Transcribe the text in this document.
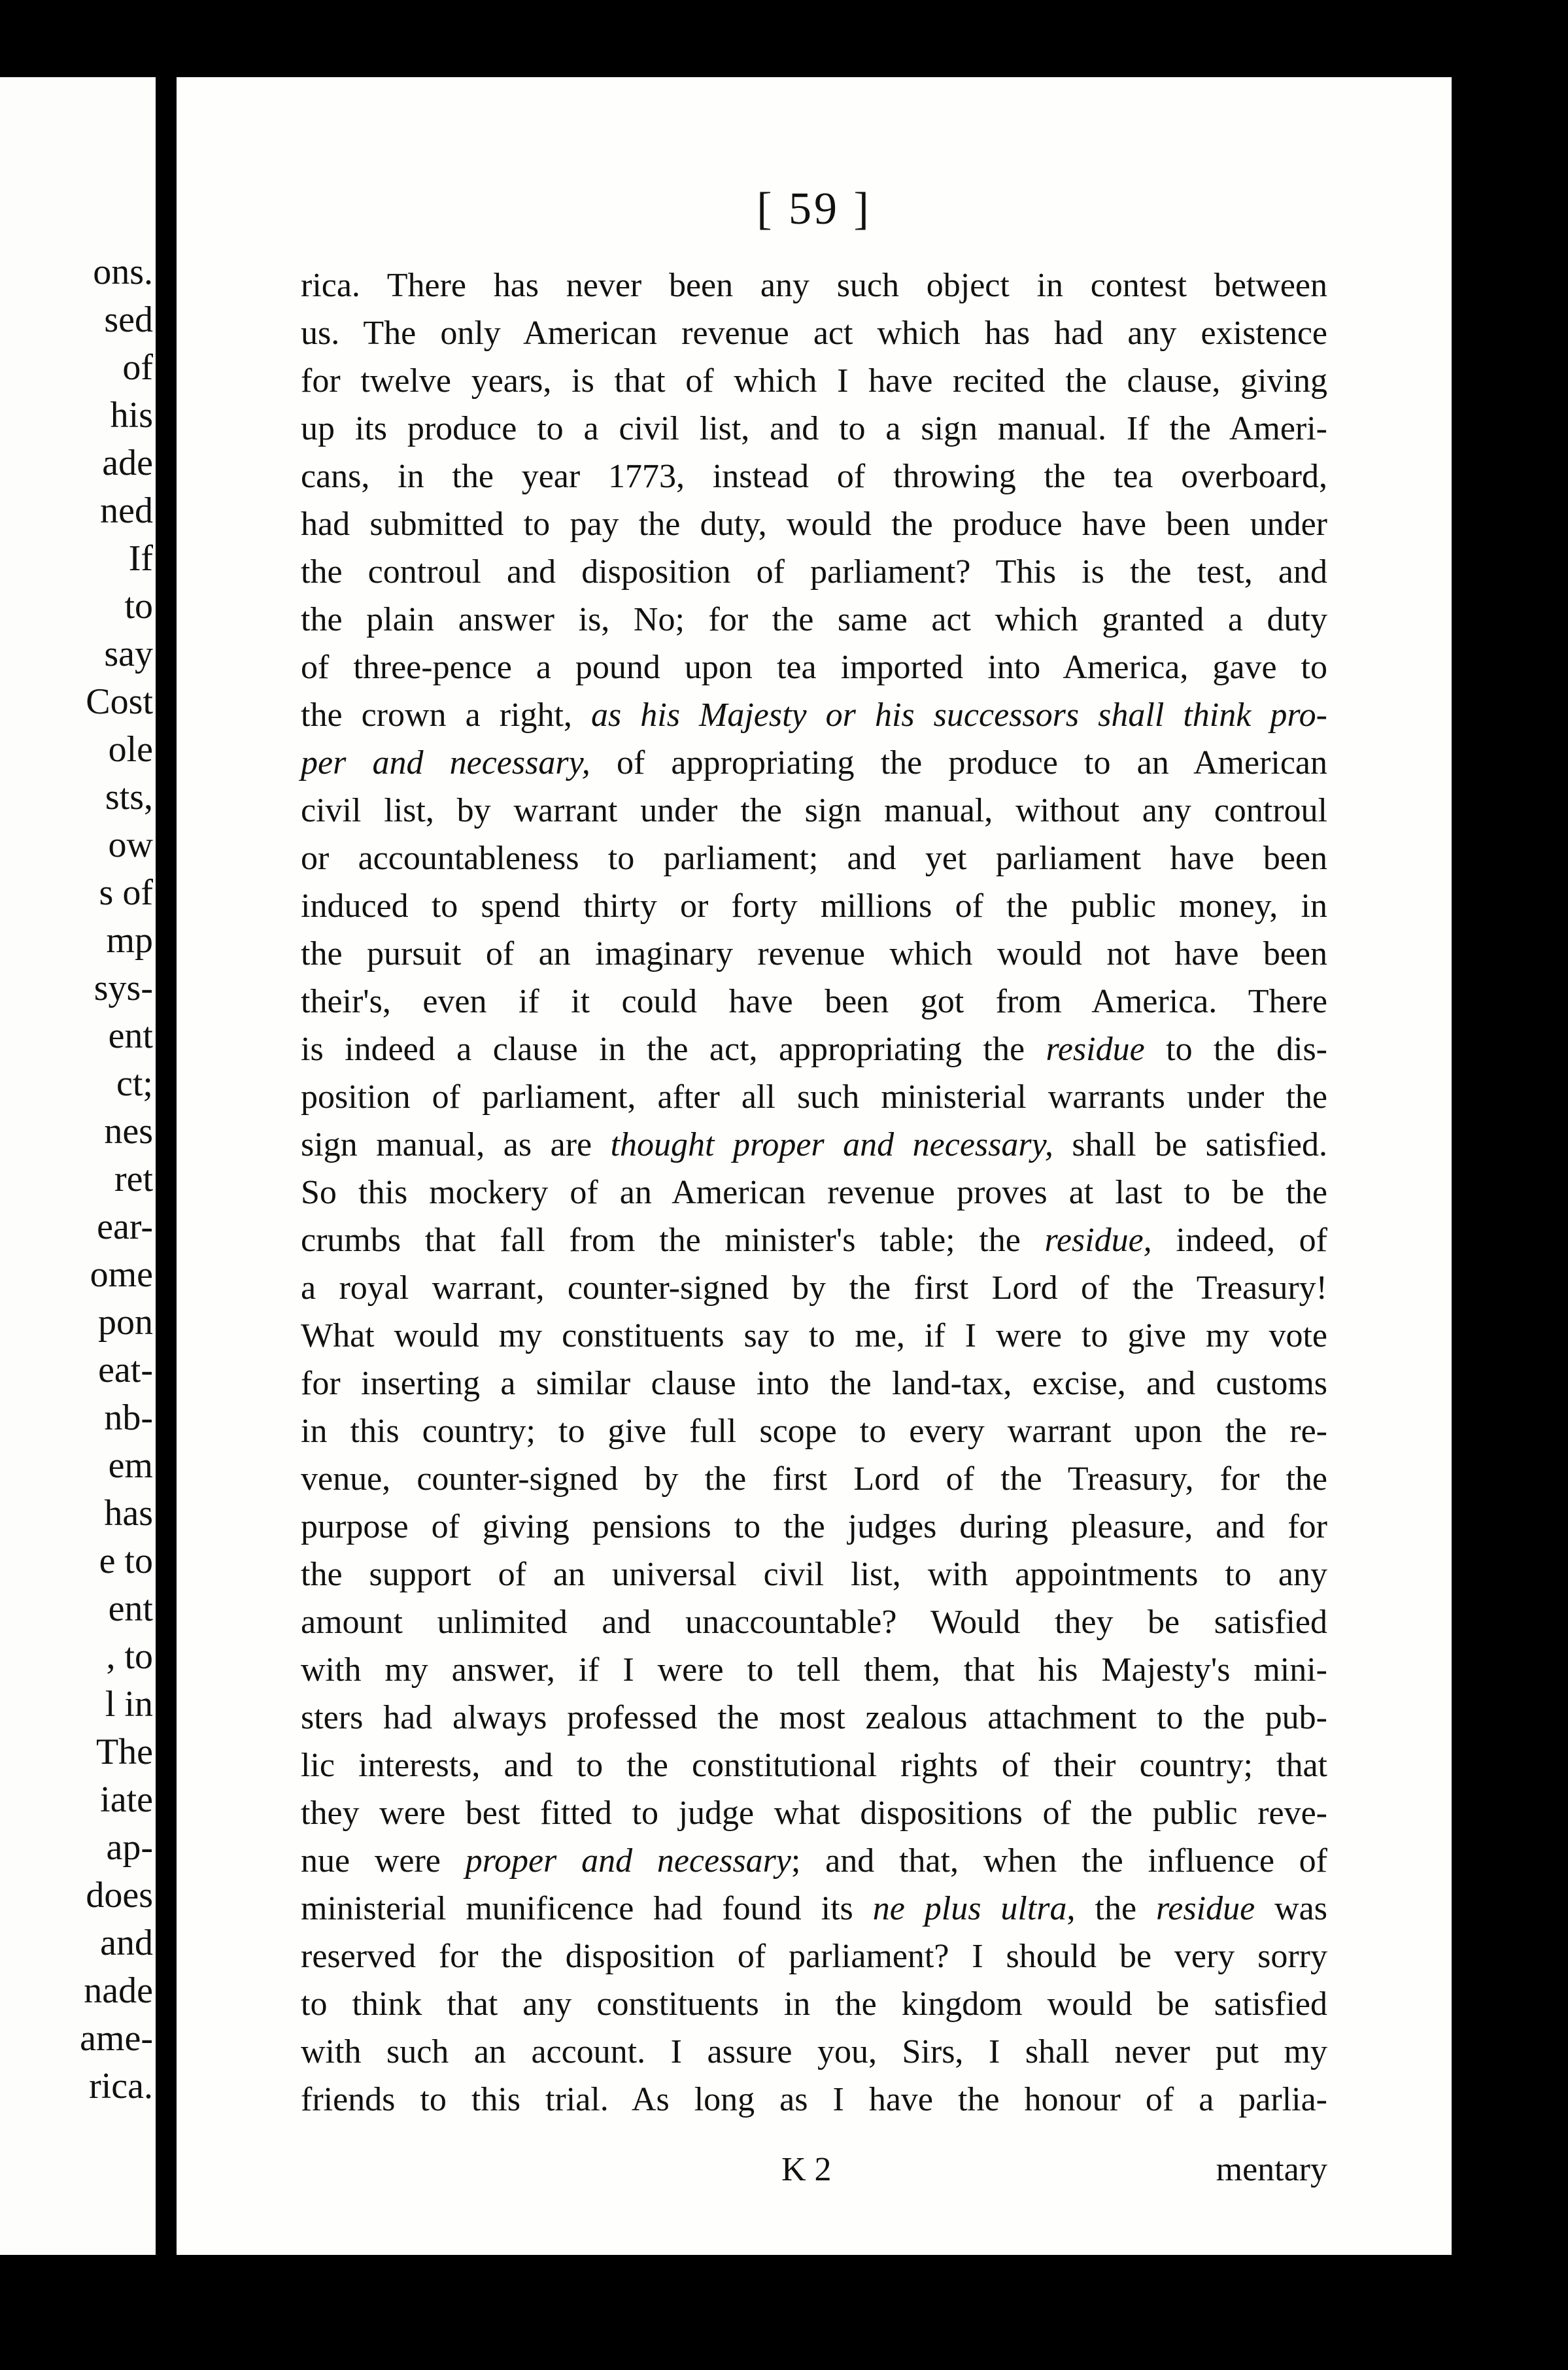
ons.
sed
of
his
ade
ned
If
to
say
Cost
ole
sts,
ow
s of
mp
sys-
ent
ct;
nes
ret
ear-
ome
pon
eat-
nb-
em
has
e to
ent
, to
l in
The
iate
ap-
does
and
nade
ame-
rica.
[ 59 ]
rica. There has never been any such object in contest between
us. The only American revenue act which has had any existence
for twelve years, is that of which I have recited the clause, giving
up its produce to a civil list, and to a sign manual. If the Ameri-
cans, in the year 1773, instead of throwing the tea overboard,
had submitted to pay the duty, would the produce have been under
the controul and disposition of parliament? This is the test, and
the plain answer is, No; for the same act which granted a duty
of three-pence a pound upon tea imported into America, gave to
the crown a right, as his Majesty or his successors shall think pro-
per and necessary, of appropriating the produce to an American
civil list, by warrant under the sign manual, without any controul
or accountableness to parliament; and yet parliament have been
induced to spend thirty or forty millions of the public money, in
the pursuit of an imaginary revenue which would not have been
their's, even if it could have been got from America. There
is indeed a clause in the act, appropriating the residue to the dis-
position of parliament, after all such ministerial warrants under the
sign manual, as are thought proper and necessary, shall be satisfied.
So this mockery of an American revenue proves at last to be the
crumbs that fall from the minister's table; the residue, indeed, of
a royal warrant, counter-signed by the first Lord of the Treasury!
What would my constituents say to me, if I were to give my vote
for inserting a similar clause into the land-tax, excise, and customs
in this country; to give full scope to every warrant upon the re-
venue, counter-signed by the first Lord of the Treasury, for the
purpose of giving pensions to the judges during pleasure, and for
the support of an universal civil list, with appointments to any
amount unlimited and unaccountable? Would they be satisfied
with my answer, if I were to tell them, that his Majesty's mini-
sters had always professed the most zealous attachment to the pub-
lic interests, and to the constitutional rights of their country; that
they were best fitted to judge what dispositions of the public reve-
nue were proper and necessary; and that, when the influence of
ministerial munificence had found its ne plus ultra, the residue was
reserved for the disposition of parliament? I should be very sorry
to think that any constituents in the kingdom would be satisfied
with such an account. I assure you, Sirs, I shall never put my
friends to this trial. As long as I have the honour of a parlia-
K 2	mentary
